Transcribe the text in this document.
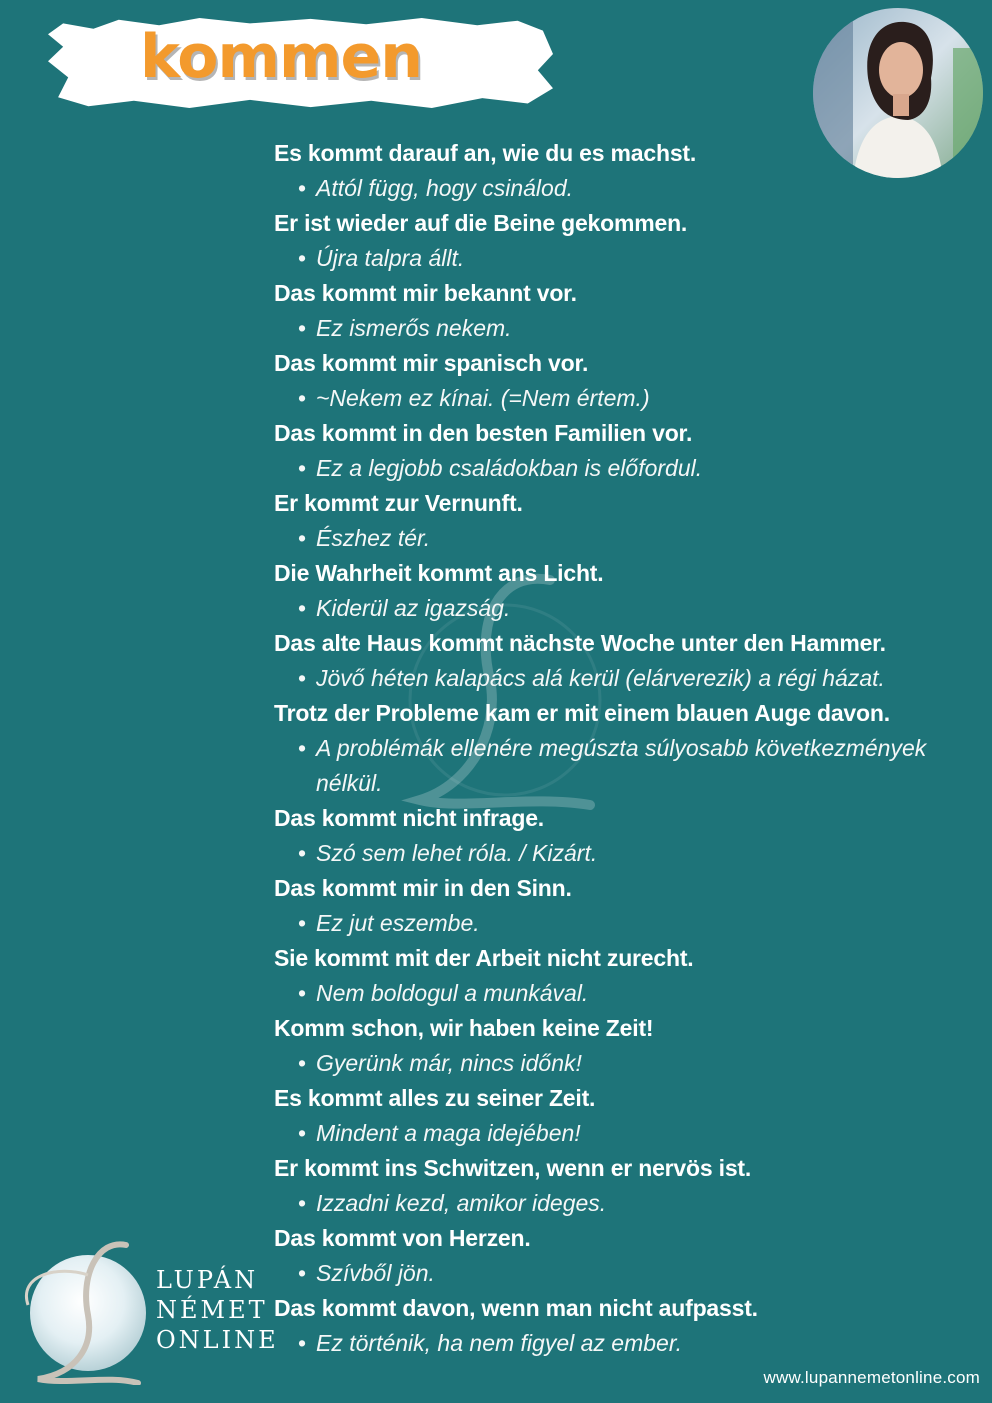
kommen
Es kommt darauf an, wie du es machst.
• Attól függ, hogy csinálod.
Er ist wieder auf die Beine gekommen.
• Újra talpra állt.
Das kommt mir bekannt vor.
• Ez ismerős nekem.
Das kommt mir spanisch vor.
• ~Nekem ez kínai. (=Nem értem.)
Das kommt in den besten Familien vor.
• Ez a legjobb családokban is előfordul.
Er kommt zur Vernunft.
• Észhez tér.
Die Wahrheit kommt ans Licht.
• Kiderül az igazság.
Das alte Haus kommt nächste Woche unter den Hammer.
• Jövő héten kalapács alá kerül (elárverezik) a régi házat.
Trotz der Probleme kam er mit einem blauen Auge davon.
• A problémák ellenére megúszta súlyosabb következmények nélkül.
Das kommt nicht infrage.
• Szó sem lehet róla. / Kizárt.
Das kommt mir in den Sinn.
• Ez jut eszembe.
Sie kommt mit der Arbeit nicht zurecht.
• Nem boldogul a munkával.
Komm schon, wir haben keine Zeit!
• Gyerünk már, nincs időnk!
Es kommt alles zu seiner Zeit.
• Mindent a maga idejében!
Er kommt ins Schwitzen, wenn er nervös ist.
• Izzadni kezd, amikor ideges.
Das kommt von Herzen.
• Szívből jön.
Das kommt davon, wenn man nicht aufpasst.
• Ez történik, ha nem figyel az ember.
LUPÁN
NÉMET
ONLINE
www.lupannemetonline.com
